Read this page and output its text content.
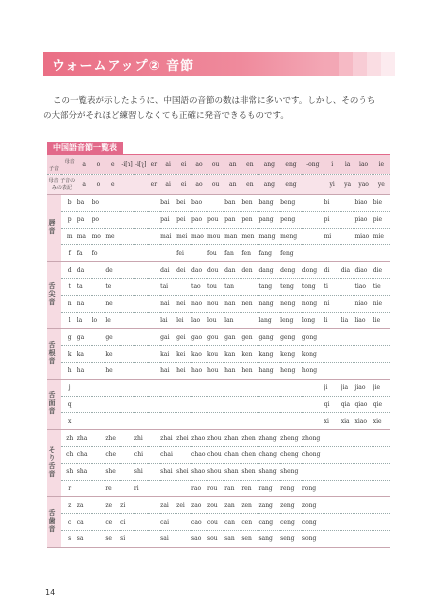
ウォームアップ② 音節
この一覧表が示したように、中国語の音節の数は非常に多いです。しかし、そのうち
の大部分がそれほど練習しなくても正確に発音できるものです。
中国語音節一覧表
母音
子音		a	o	e	-i[ɿ]	-i[ʅ]	er	ai	ei	ao	ou	an	en	ang	eng	-ong	i	ia	iao	ie
母音 子音のみの表記		a	o	e			er	ai	ei	ao	ou	an	en	ang	eng		yi	ya	yao	ye
唇音	b	ba	bo					bai	bei	bao		ban	ben	bang	beng		bi		biao	bie
	p	pa	po					pai	pei	pao	pou	pan	pen	pang	peng		pi		piao	pie
	m	ma	mo	me				mai	mei	mao	mou	man	men	mang	meng		mi		miao	mie
	f	fa	fo						fei		fou	fan	fen	fang	feng					
舌尖音	d	da		de				dai	dei	dao	dou	dan	den	dang	deng	dong	di	dia	diao	die
	t	ta		te				tai		tao	tou	tan		tang	teng	tong	ti		tiao	tie
	n	na		ne				nai	nei	nao	nou	nan	nen	nang	neng	nong	ni		niao	nie
	l	la	lo	le				lai	lei	lao	lou	lan		lang	leng	long	li	lia	liao	lie
舌根音	g	ga		ge				gai	gei	gao	gou	gan	gen	gang	geng	gong				
	k	ka		ke				kai	kei	kao	kou	kan	ken	kang	keng	kong				
	h	ha		he				hai	hei	hao	hou	han	hen	hang	heng	hong				
舌面音	j																ji	jia	jiao	jie
	q																qi	qia	qiao	qie
	x																xi	xia	xiao	xie
そり舌音	zh	zha		zhe		zhi		zhai	zhei	zhao	zhou	zhan	zhen	zhang	zheng	zhong				
	ch	cha		che		chi		chai		chao	chou	chan	chen	chang	cheng	chong				
	sh	sha		she		shi		shai	shei	shao	shou	shan	shen	shang	sheng					
	r			re		ri				rao	rou	ran	ren	rang	reng	rong				
舌歯音	z	za		ze	zi			zai	zei	zao	zou	zan	zen	zang	zeng	zong				
	c	ca		ce	ci			cai		cao	cou	can	cen	cang	ceng	cong				
	s	sa		se	si			sai		sao	sou	san	sen	sang	seng	song				
14
